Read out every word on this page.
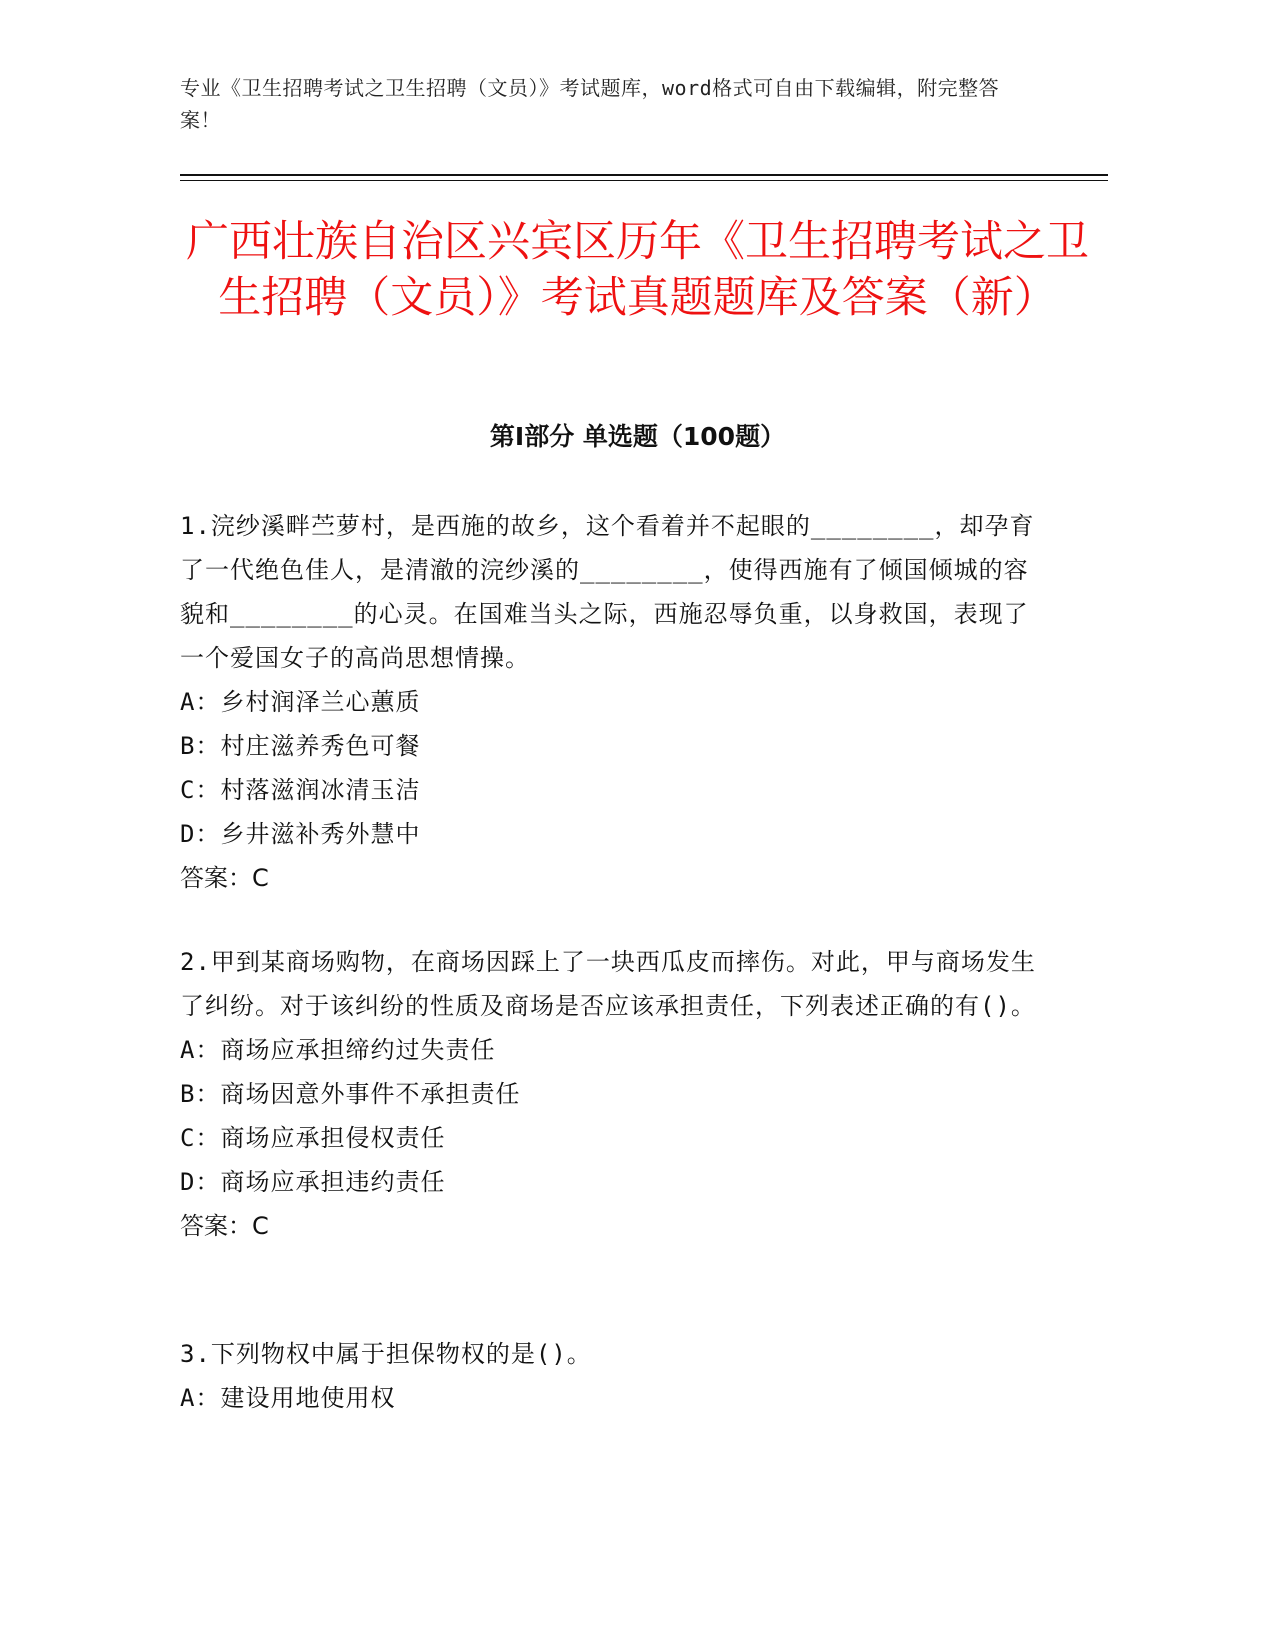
专业《卫生招聘考试之卫生招聘（文员）》考试题库，word格式可自由下载编辑，附完整答案！
广西壮族自治区兴宾区历年《卫生招聘考试之卫生招聘（文员）》考试真题题库及答案（新）
第Ⅰ部分 单选题（100题）

1.浣纱溪畔苎萝村，是西施的故乡，这个看着并不起眼的________，却孕育了一代绝色佳人，是清澈的浣纱溪的________，使得西施有了倾国倾城的容貌和________的心灵。在国难当头之际，西施忍辱负重，以身救国，表现了一个爱国女子的高尚思想情操。

A：乡村润泽兰心蕙质

B：村庄滋养秀色可餐

C：村落滋润冰清玉洁

D：乡井滋补秀外慧中

答案：C

2.甲到某商场购物，在商场因踩上了一块西瓜皮而摔伤。对此，甲与商场发生了纠纷。对于该纠纷的性质及商场是否应该承担责任，下列表述正确的有()。

A：商场应承担缔约过失责任

B：商场因意外事件不承担责任

C：商场应承担侵权责任

D：商场应承担违约责任

答案：C

3.下列物权中属于担保物权的是()。

A：建设用地使用权
